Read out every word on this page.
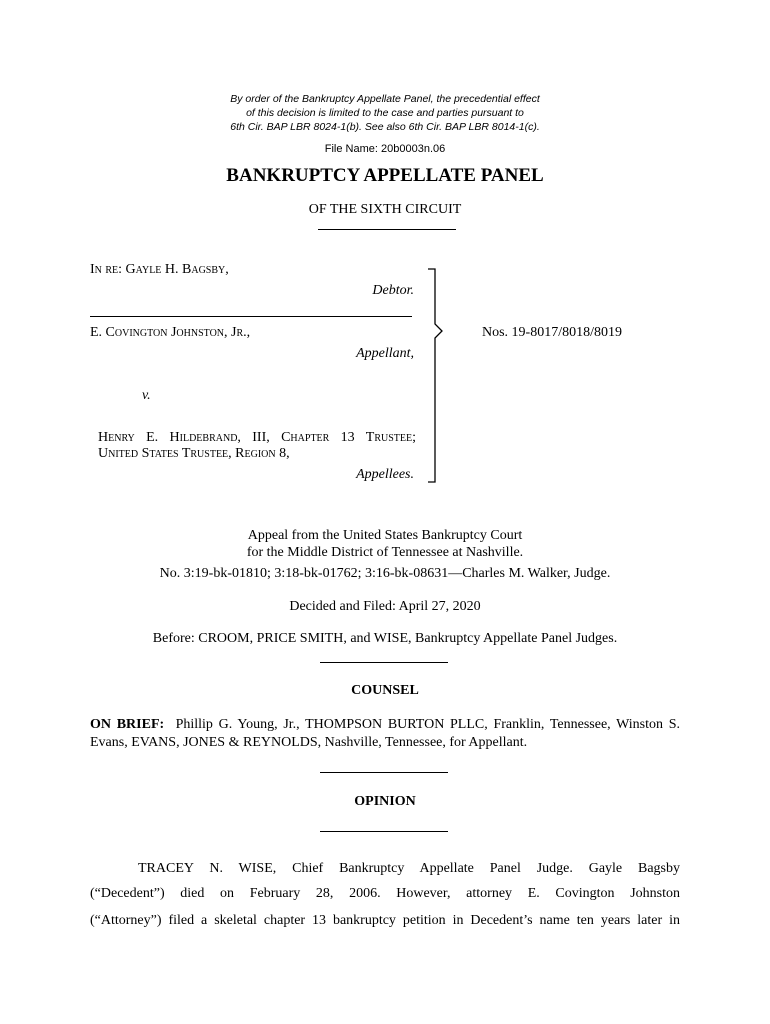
By order of the Bankruptcy Appellate Panel, the precedential effect
of this decision is limited to the case and parties pursuant to
6th Cir. BAP LBR 8024-1(b). See also 6th Cir. BAP LBR 8014-1(c).
File Name: 20b0003n.06
BANKRUPTCY APPELLATE PANEL
OF THE SIXTH CIRCUIT
In re: Gayle H. Bagsby,
Debtor.
E. Covington Johnston, Jr.,
Appellant,
v.
Henry E. Hildebrand, III, Chapter 13 Trustee;
United States Trustee, Region 8,
Appellees.
Nos. 19-8017/8018/8019
Appeal from the United States Bankruptcy Court
for the Middle District of Tennessee at Nashville.
No. 3:19-bk-01810; 3:18-bk-01762; 3:16-bk-08631—Charles M. Walker, Judge.
Decided and Filed: April 27, 2020
Before: CROOM, PRICE SMITH, and WISE, Bankruptcy Appellate Panel Judges.
COUNSEL
ON BRIEF: Phillip G. Young, Jr., THOMPSON BURTON PLLC, Franklin, Tennessee, Winston S. Evans, EVANS, JONES & REYNOLDS, Nashville, Tennessee, for Appellant.
OPINION
TRACEY N. WISE, Chief Bankruptcy Appellate Panel Judge. Gayle Bagsby
(“Decedent”) died on February 28, 2006. However, attorney E. Covington Johnston
(“Attorney”) filed a skeletal chapter 13 bankruptcy petition in Decedent’s name ten years later in
